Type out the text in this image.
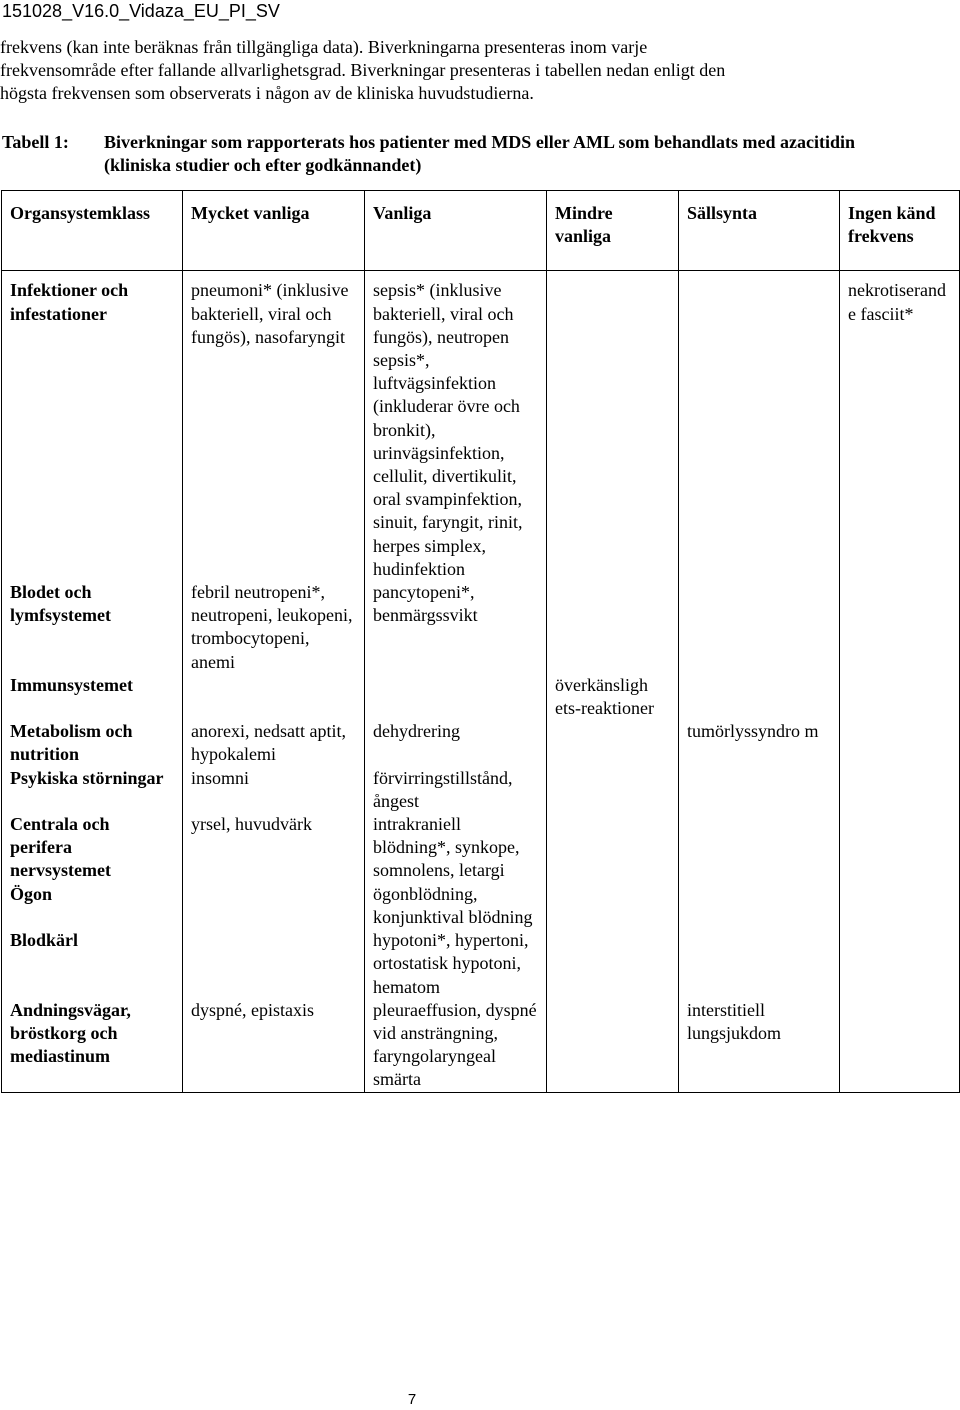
151028_V16.0_Vidaza_EU_PI_SV

frekvens (kan inte beräknas från tillgängliga data). Biverkningarna presenteras inom varje

frekvensområde efter fallande allvarlighetsgrad. Biverkningar presenteras i tabellen nedan enligt den

högsta frekvensen som observerats i någon av de kliniska huvudstudierna.

Tabell 1: Biverkningar som rapporterats hos patienter med MDS eller AML som behandlats med azacitidin (kliniska studier och efter godkännandet)
Organsystemklass	Mycket vanliga	Vanliga	Mindre vanliga	Sällsynta	Ingen känd frekvens

Infektioner och infestationer	pneumoni* (inklusive bakteriell, viral och fungös), nasofaryngit	sepsis* (inklusive bakteriell, viral och fungös), neutropen sepsis*, luftvägsinfektion (inkluderar övre och bronkit), urinvägsinfektion, cellulit, divertikulit, oral svampinfektion, sinuit, faryngit, rinit, herpes simplex, hudinfektion			nekrotiserande fasciit*
Blodet och lymfsystemet	febril neutropeni*, neutropeni, leukopeni, trombocytopeni, anemi	pancytopeni*, benmärgssvikt			
Immunsystemet			överkänsligh ets-reaktioner		
Metabolism och nutrition	anorexi, nedsatt aptit, hypokalemi	dehydrering		tumörlyssyndro m	
Psykiska störningar	insomni	förvirringstillstånd, ångest			
Centrala och perifera nervsystemet	yrsel, huvudvärk	intrakraniell blödning*, synkope, somnolens, letargi			
Ögon		ögonblödning, konjunktival blödning			
Blodkärl		hypotoni*, hypertoni, ortostatisk hypotoni, hematom			
Andningsvägar, bröstkorg och mediastinum	dyspné, epistaxis	pleuraeffusion, dyspné vid ansträngning, faryngolaryngeal smärta		interstitiell lungsjukdom	
7
